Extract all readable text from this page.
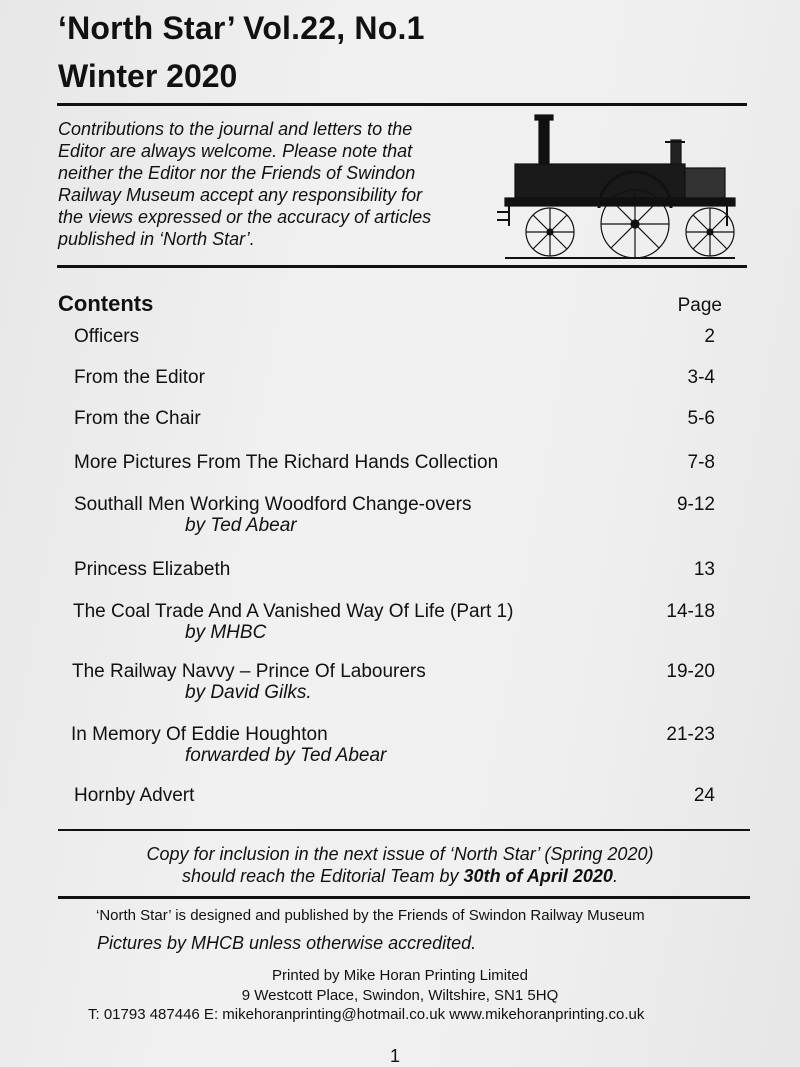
‘North Star’ Vol.22, No.1
Winter 2020
Contributions to the journal and letters to the
Editor are always welcome. Please note that
neither the Editor nor the Friends of Swindon
Railway Museum accept any responsibility for
the views expressed or the accuracy of articles
published in ‘North Star’.
Contents	Page
Officers	2
From the Editor	3-4
From the Chair	5-6
More Pictures From The Richard Hands Collection	7-8
Southall Men Working Woodford Change-overs	9-12
by Ted Abear
Princess Elizabeth	13
The Coal Trade And A Vanished Way Of Life (Part 1)	14-18
by MHBC
The Railway Navvy – Prince Of Labourers	19-20
by David Gilks.
In Memory Of Eddie Houghton	21-23
forwarded by Ted Abear
Hornby Advert	24
Copy for inclusion in the next issue of ‘North Star’ (Spring 2020)
should reach the Editorial Team by 30th of April 2020.
‘North Star’ is designed and published by the Friends of Swindon Railway Museum
Pictures by MHCB unless otherwise accredited.
Printed by Mike Horan Printing Limited
9 Westcott Place, Swindon, Wiltshire, SN1 5HQ
T: 01793 487446 E: mikehoranprinting@hotmail.co.uk www.mikehoranprinting.co.uk
1
